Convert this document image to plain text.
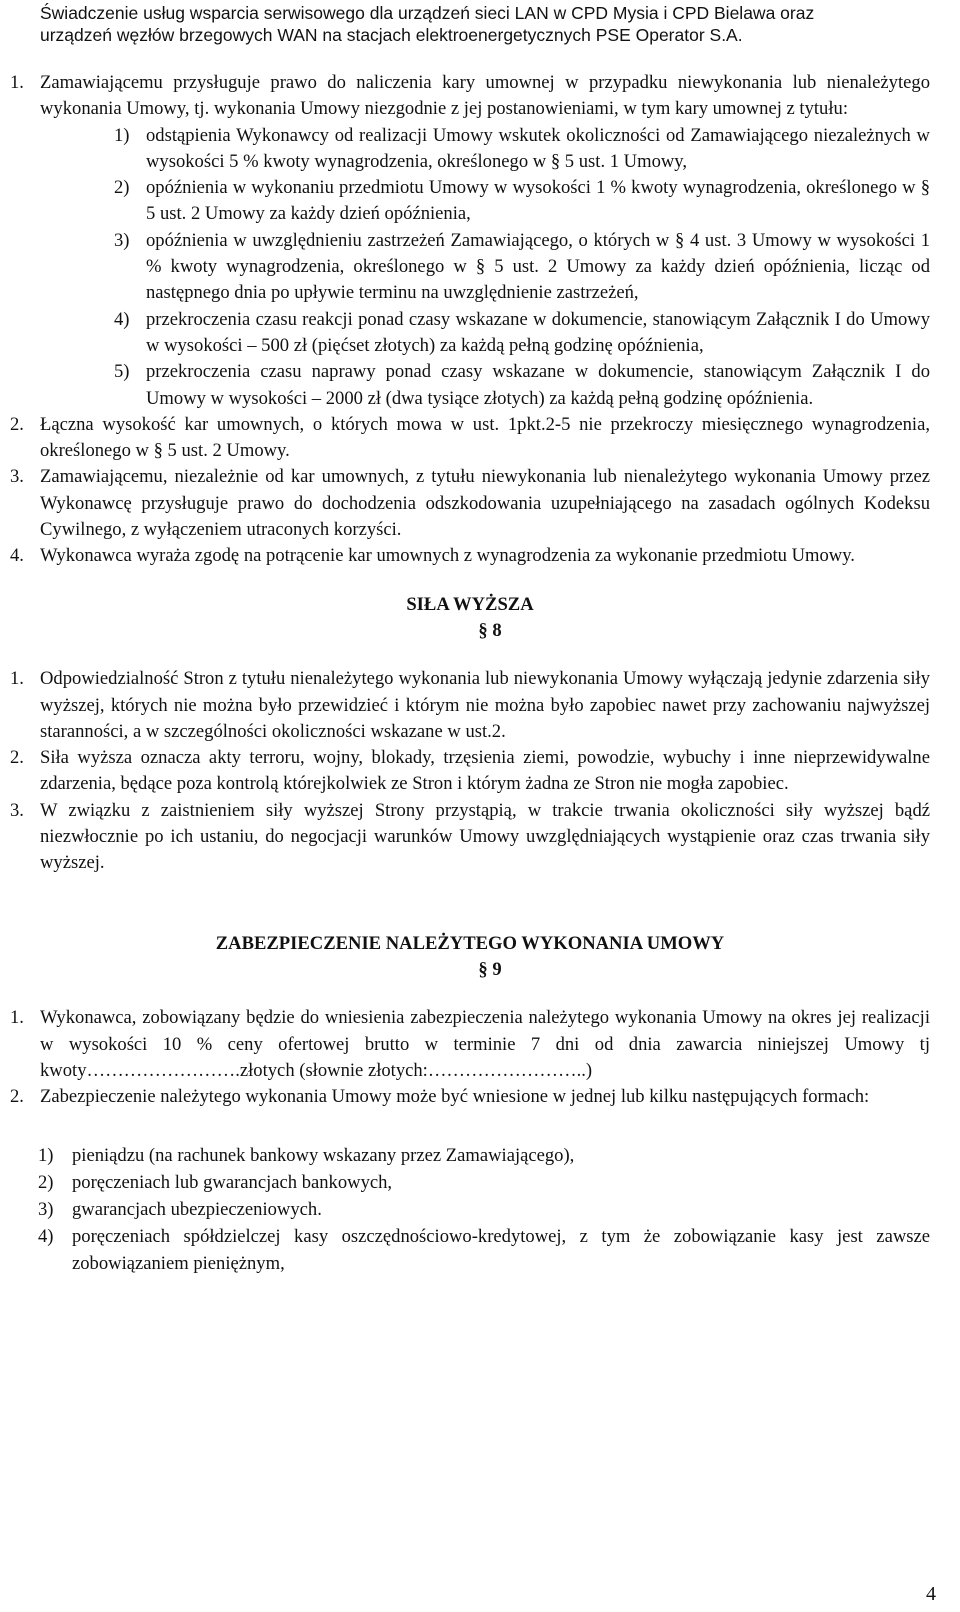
Świadczenie usług wsparcia serwisowego dla urządzeń sieci LAN w CPD Mysia i CPD Bielawa oraz
urządzeń węzłów brzegowych WAN na stacjach elektroenergetycznych PSE Operator S.A.
1. Zamawiającemu przysługuje prawo do naliczenia kary umownej w przypadku niewykonania lub nienależytego wykonania Umowy, tj. wykonania Umowy niezgodnie z jej postanowieniami, w tym kary umownej z tytułu:
1) odstąpienia Wykonawcy od realizacji Umowy wskutek okoliczności od Zamawiającego niezależnych w wysokości 5 % kwoty wynagrodzenia, określonego w § 5 ust. 1 Umowy,
2) opóźnienia w wykonaniu przedmiotu Umowy w wysokości 1 % kwoty wynagrodzenia, określonego w § 5 ust. 2 Umowy za każdy dzień opóźnienia,
3) opóźnienia w uwzględnieniu zastrzeżeń Zamawiającego, o których w § 4 ust. 3 Umowy w wysokości 1 % kwoty wynagrodzenia, określonego w § 5 ust. 2 Umowy za każdy dzień opóźnienia, licząc od następnego dnia po upływie terminu na uwzględnienie zastrzeżeń,
4) przekroczenia czasu reakcji ponad czasy wskazane w dokumencie, stanowiącym Załącznik I do Umowy w wysokości – 500 zł (pięćset złotych) za każdą pełną godzinę opóźnienia,
5) przekroczenia czasu naprawy ponad czasy wskazane w dokumencie, stanowiącym Załącznik I do Umowy w wysokości – 2000 zł (dwa tysiące złotych) za każdą pełną godzinę opóźnienia.
2. Łączna wysokość kar umownych, o których mowa w ust. 1pkt.2-5 nie przekroczy miesięcznego wynagrodzenia, określonego w § 5 ust. 2 Umowy.
3. Zamawiającemu, niezależnie od kar umownych, z tytułu niewykonania lub nienależytego wykonania Umowy przez Wykonawcę przysługuje prawo do dochodzenia odszkodowania uzupełniającego na zasadach ogólnych Kodeksu Cywilnego, z wyłączeniem utraconych korzyści.
4. Wykonawca wyraża zgodę na potrącenie kar umownych z wynagrodzenia za wykonanie przedmiotu Umowy.
SIŁA WYŻSZA
§ 8
1. Odpowiedzialność Stron z tytułu nienależytego wykonania lub niewykonania Umowy wyłączają jedynie zdarzenia siły wyższej, których nie można było przewidzieć i którym nie można było zapobiec nawet przy zachowaniu najwyższej staranności, a w szczególności okoliczności wskazane w ust.2.
2. Siła wyższa oznacza akty terroru, wojny, blokady, trzęsienia ziemi, powodzie, wybuchy i inne nieprzewidywalne zdarzenia, będące poza kontrolą którejkolwiek ze Stron i którym żadna ze Stron nie mogła zapobiec.
3. W związku z zaistnieniem siły wyższej Strony przystąpią, w trakcie trwania okoliczności siły wyższej bądź niezwłocznie po ich ustaniu, do negocjacji warunków Umowy uwzględniających wystąpienie oraz czas trwania siły wyższej.
ZABEZPIECZENIE NALEŻYTEGO WYKONANIA UMOWY
§ 9
1. Wykonawca, zobowiązany będzie do wniesienia zabezpieczenia należytego wykonania Umowy na okres jej realizacji w wysokości 10 % ceny ofertowej brutto w terminie 7 dni od dnia zawarcia niniejszej Umowy tj kwoty…………………….złotych (słownie złotych:……………………..)
2. Zabezpieczenie należytego wykonania Umowy może być wniesione w jednej lub kilku następujących formach:
1) pieniądzu (na rachunek bankowy wskazany przez Zamawiającego),
2) poręczeniach lub gwarancjach bankowych,
3) gwarancjach ubezpieczeniowych.
4) poręczeniach spółdzielczej kasy oszczędnościowo-kredytowej, z tym że zobowiązanie kasy jest zawsze zobowiązaniem pieniężnym,
4
